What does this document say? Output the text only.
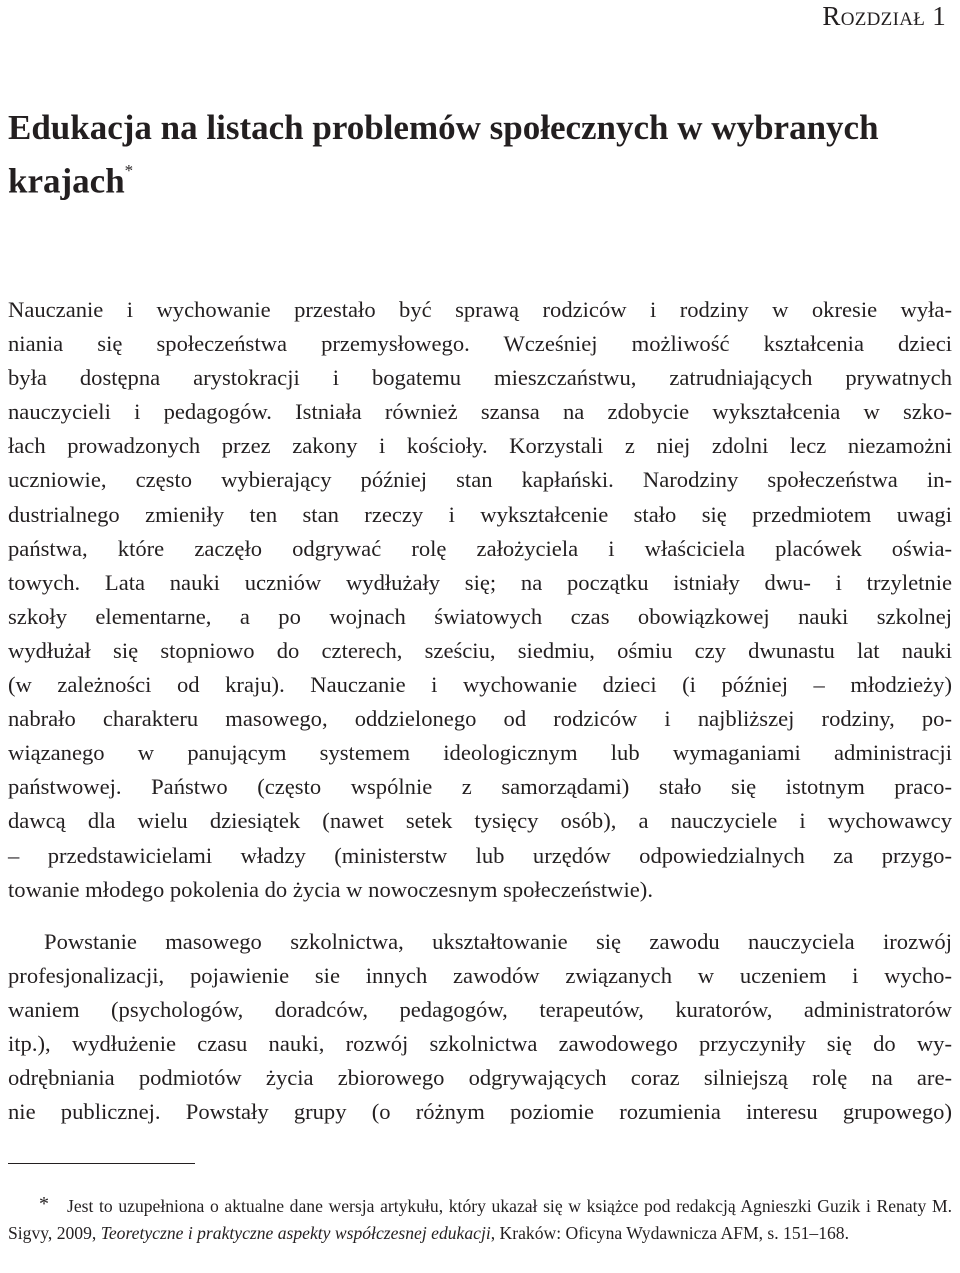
Rozdział 1
Edukacja na listach problemów społecznych w wybranych krajach*
Nauczanie i wychowanie przestało być sprawą rodziców i rodziny w okresie wyła-
niania się społeczeństwa przemysłowego. Wcześniej możliwość kształcenia dzieci
była dostępna arystokracji i bogatemu mieszczaństwu, zatrudniających prywatnych
nauczycieli i pedagogów. Istniała również szansa na zdobycie wykształcenia w szko-
łach prowadzonych przez zakony i kościoły. Korzystali z niej zdolni lecz niezamożni
uczniowie, często wybierający później stan kapłański. Narodziny społeczeństwa in-
dustrialnego zmieniły ten stan rzeczy i wykształcenie stało się przedmiotem uwagi
państwa, które zaczęło odgrywać rolę założyciela i właściciela placówek oświa-
towych. Lata nauki uczniów wydłużały się; na początku istniały dwu- i trzyletnie
szkoły elementarne, a po wojnach światowych czas obowiązkowej nauki szkolnej
wydłużał się stopniowo do czterech, sześciu, siedmiu, ośmiu czy dwunastu lat nauki
(w zależności od kraju). Nauczanie i wychowanie dzieci (i później – młodzieży)
nabrało charakteru masowego, oddzielonego od rodziców i najbliższej rodziny, po-
wiązanego w panującym systemem ideologicznym lub wymaganiami administracji
państwowej. Państwo (często wspólnie z samorządami) stało się istotnym praco-
dawcą dla wielu dziesiątek (nawet setek tysięcy osób), a nauczyciele i wychowawcy
– przedstawicielami władzy (ministerstw lub urzędów odpowiedzialnych za przygo-
towanie młodego pokolenia do życia w nowoczesnym społeczeństwie).
Powstanie masowego szkolnictwa, ukształtowanie się zawodu nauczyciela irozwój
profesjonalizacji, pojawienie sie innych zawodów związanych w uczeniem i wycho-
waniem (psychologów, doradców, pedagogów, terapeutów, kuratorów, administratorów
itp.), wydłużenie czasu nauki, rozwój szkolnictwa zawodowego przyczyniły się do wy-
odrębniania podmiotów życia zbiorowego odgrywających coraz silniejszą rolę na are-
nie publicznej. Powstały grupy (o różnym poziomie rozumienia interesu grupowego)
* Jest to uzupełniona o aktualne dane wersja artykułu, który ukazał się w książce pod redakcją Agnieszki Guzik i Renaty M. Sigvy, 2009, Teoretyczne i praktyczne aspekty współczesnej edukacji, Kraków: Oficyna Wydawnicza AFM, s. 151–168.
